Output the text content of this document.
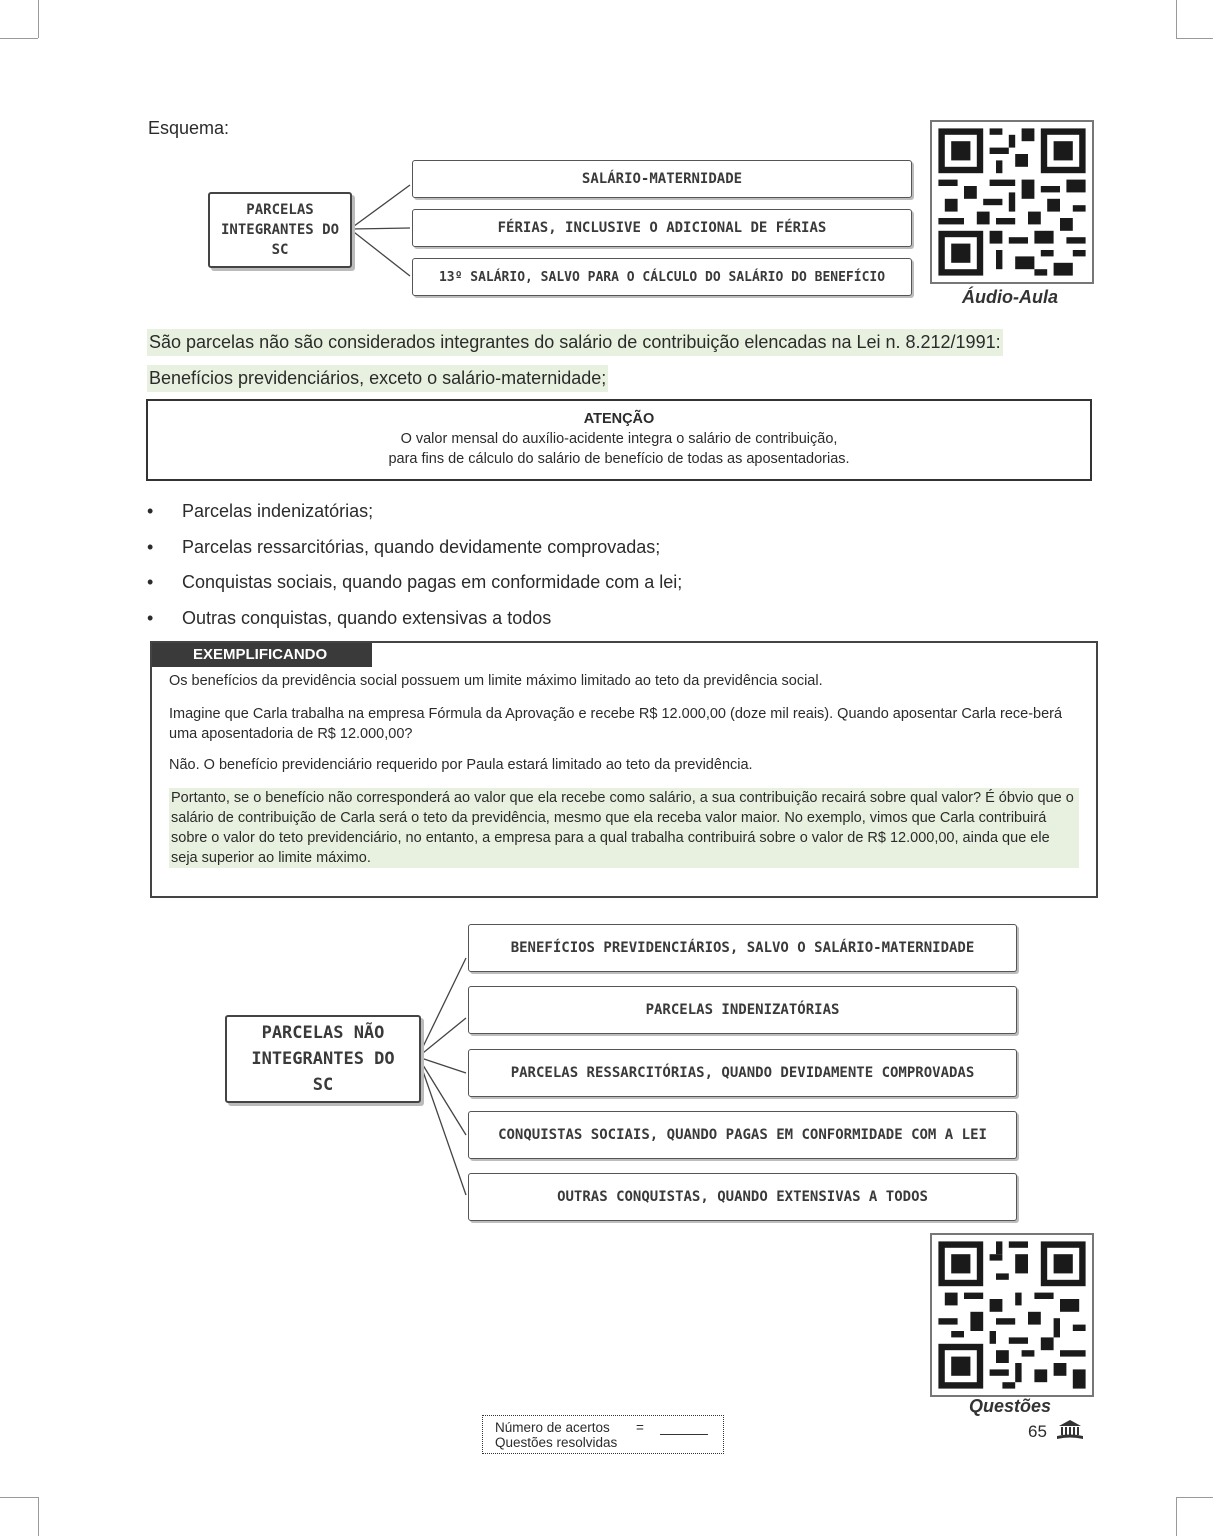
Esquema:
PARCELAS INTEGRANTES DO SC
SALÁRIO-MATERNIDADE
FÉRIAS, INCLUSIVE O ADICIONAL DE FÉRIAS
13º SALÁRIO, SALVO PARA O CÁLCULO DO SALÁRIO DO BENEFÍCIO
Áudio-Aula
São parcelas não são considerados integrantes do salário de contribuição elencadas na Lei n. 8.212/1991:
Benefícios previdenciários, exceto o salário-maternidade;
ATENÇÃO
O valor mensal do auxílio-acidente integra o salário de contribuição,
para fins de cálculo do salário de benefício de todas as aposentadorias.
• Parcelas indenizatórias;
• Parcelas ressarcitórias, quando devidamente comprovadas;
• Conquistas sociais, quando pagas em conformidade com a lei;
• Outras conquistas, quando extensivas a todos
EXEMPLIFICANDO
Os benefícios da previdência social possuem um limite máximo limitado ao teto da previdência social.
Imagine que Carla trabalha na empresa Fórmula da Aprovação e recebe R$ 12.000,00 (doze mil reais). Quando aposentar Carla rece-berá uma aposentadoria de R$ 12.000,00?
Não. O benefício previdenciário requerido por Paula estará limitado ao teto da previdência.
Portanto, se o benefício não corresponderá ao valor que ela recebe como salário, a sua contribuição recairá sobre qual valor? É óbvio que o salário de contribuição de Carla será o teto da previdência, mesmo que ela receba valor maior. No exemplo, vimos que Carla contribuirá sobre o valor do teto previdenciário, no entanto, a empresa para a qual trabalha contribuirá sobre o valor de R$ 12.000,00, ainda que ele seja superior ao limite máximo.
PARCELAS NÃO INTEGRANTES DO SC
BENEFÍCIOS PREVIDENCIÁRIOS, SALVO O SALÁRIO-MATERNIDADE
PARCELAS INDENIZATÓRIAS
PARCELAS RESSARCITÓRIAS, QUANDO DEVIDAMENTE COMPROVADAS
CONQUISTAS SOCIAIS, QUANDO PAGAS EM CONFORMIDADE COM A LEI
OUTRAS CONQUISTAS, QUANDO EXTENSIVAS A TODOS
Questões
Número de acertos
Questões resolvidas
=	65
